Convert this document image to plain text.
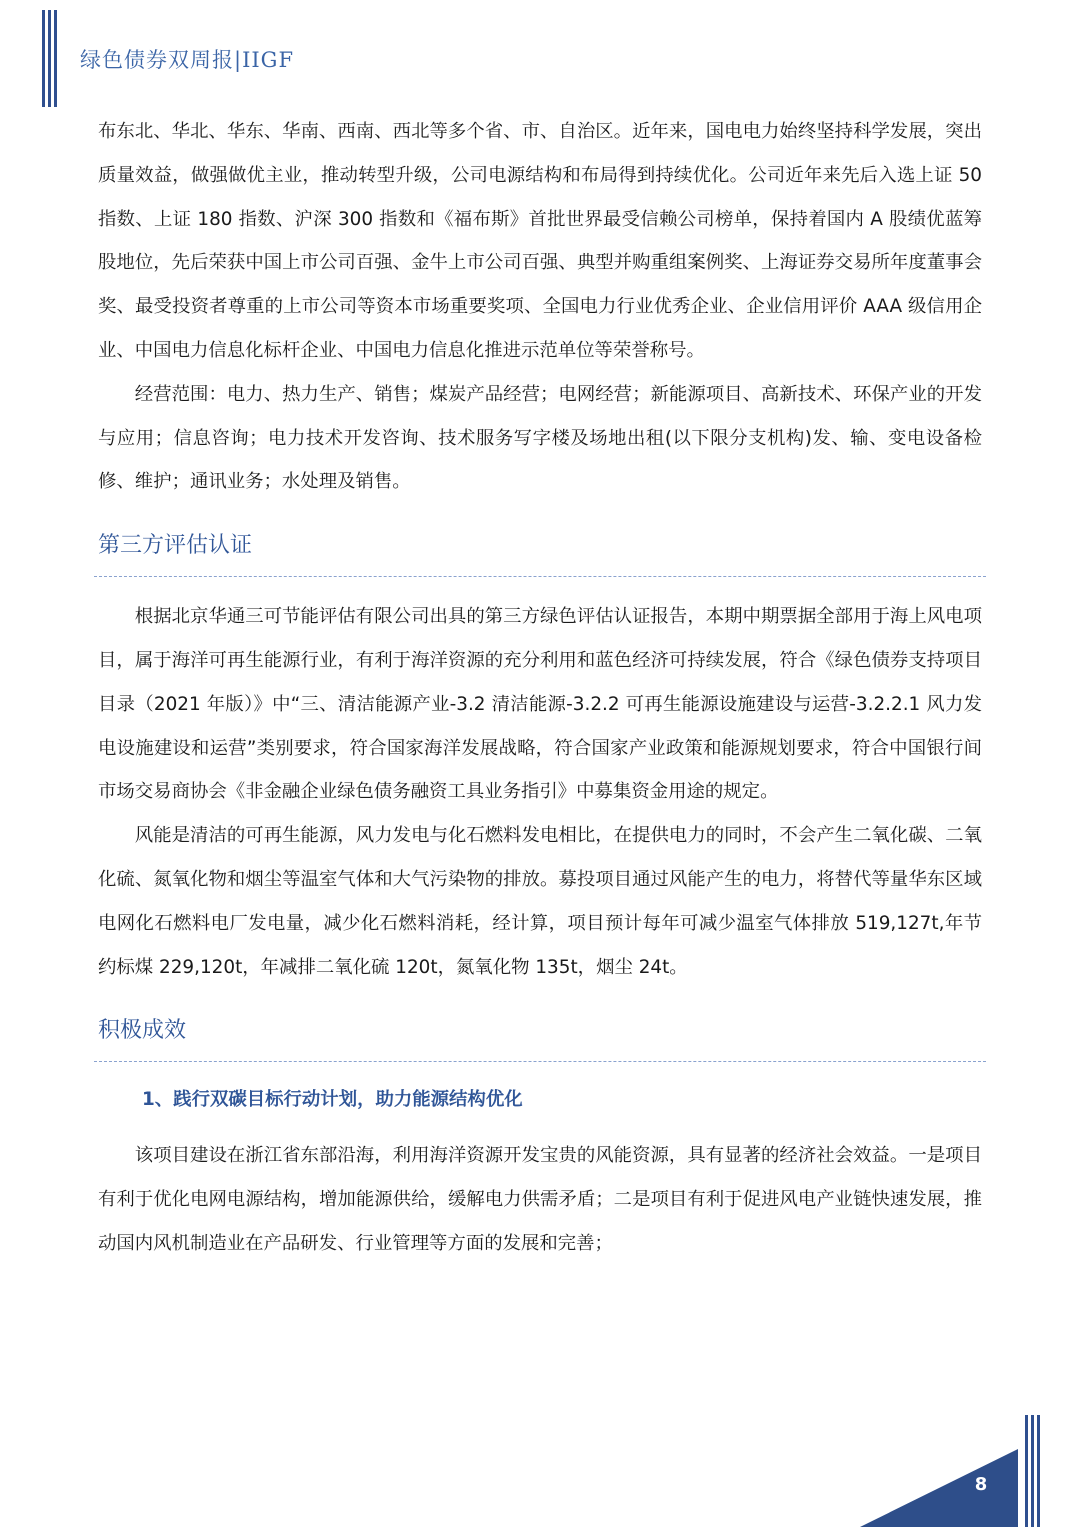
绿色债券双周报|IIGF

布东北、华北、华东、华南、西南、西北等多个省、市、自治区。近年来，国电电力始终坚持科学发展，突出质量效益，做强做优主业，推动转型升级，公司电源结构和布局得到持续优化。公司近年来先后入选上证 50 指数、上证 180 指数、沪深 300 指数和《福布斯》首批世界最受信赖公司榜单，保持着国内 A 股绩优蓝筹股地位，先后荣获中国上市公司百强、金牛上市公司百强、典型并购重组案例奖、上海证券交易所年度董事会奖、最受投资者尊重的上市公司等资本市场重要奖项、全国电力行业优秀企业、企业信用评价 AAA 级信用企业、中国电力信息化标杆企业、中国电力信息化推进示范单位等荣誉称号。

经营范围：电力、热力生产、销售；煤炭产品经营；电网经营；新能源项目、高新技术、环保产业的开发与应用；信息咨询；电力技术开发咨询、技术服务写字楼及场地出租(以下限分支机构)发、输、变电设备检修、维护；通讯业务；水处理及销售。

第三方评估认证

根据北京华通三可节能评估有限公司出具的第三方绿色评估认证报告，本期中期票据全部用于海上风电项目，属于海洋可再生能源行业，有利于海洋资源的充分利用和蓝色经济可持续发展，符合《绿色债券支持项目目录（2021 年版）》中“三、清洁能源产业-3.2 清洁能源-3.2.2 可再生能源设施建设与运营-3.2.2.1 风力发电设施建设和运营”类别要求，符合国家海洋发展战略，符合国家产业政策和能源规划要求，符合中国银行间市场交易商协会《非金融企业绿色债务融资工具业务指引》中募集资金用途的规定。

风能是清洁的可再生能源，风力发电与化石燃料发电相比，在提供电力的同时，不会产生二氧化碳、二氧化硫、氮氧化物和烟尘等温室气体和大气污染物的排放。募投项目通过风能产生的电力，将替代等量华东区域电网化石燃料电厂发电量，减少化石燃料消耗，经计算，项目预计每年可减少温室气体排放 519,127t,年节约标煤 229,120t，年减排二氧化硫 120t，氮氧化物 135t，烟尘 24t。

积极成效
1、践行双碳目标行动计划，助力能源结构优化

该项目建设在浙江省东部沿海，利用海洋资源开发宝贵的风能资源，具有显著的经济社会效益。一是项目有利于优化电网电源结构，增加能源供给，缓解电力供需矛盾；二是项目有利于促进风电产业链快速发展，推动国内风机制造业在产品研发、行业管理等方面的发展和完善；

8
